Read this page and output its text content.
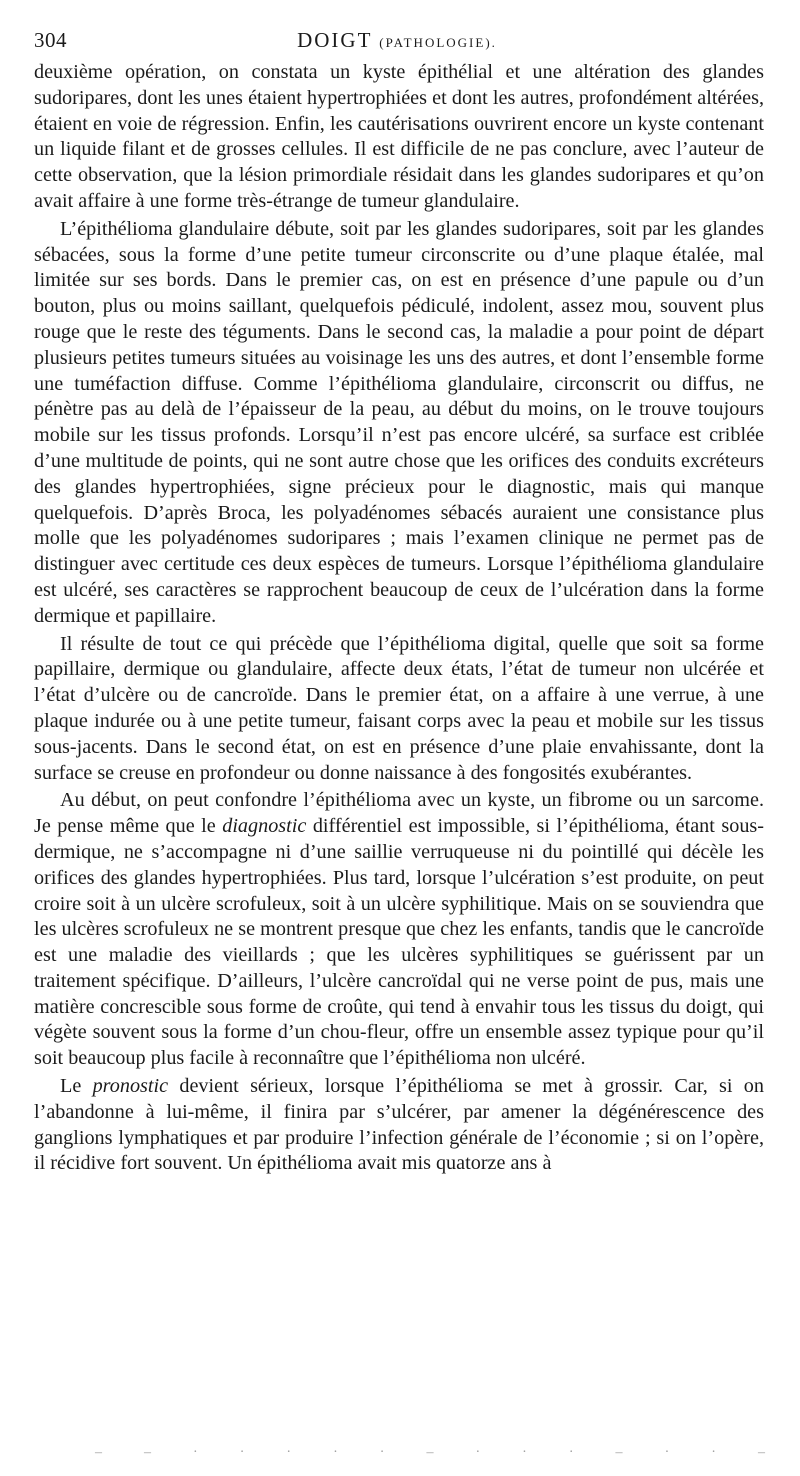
304	DOIGT (PATHOLOGIE).

deuxième opération, on constata un kyste épithélial et une altération des glandes sudoripares, dont les unes étaient hypertrophiées et dont les autres, profondément altérées, étaient en voie de régression. Enfin, les cautérisations ouvrirent encore un kyste contenant un liquide filant et de grosses cellules. Il est difficile de ne pas conclure, avec l’auteur de cette observation, que la lésion primordiale résidait dans les glandes sudoripares et qu’on avait affaire à une forme très-étrange de tumeur glandulaire.

L’épithélioma glandulaire débute, soit par les glandes sudoripares, soit par les glandes sébacées, sous la forme d’une petite tumeur circonscrite ou d’une plaque étalée, mal limitée sur ses bords. Dans le premier cas, on est en présence d’une papule ou d’un bouton, plus ou moins saillant, quelquefois pédiculé, indolent, assez mou, souvent plus rouge que le reste des téguments. Dans le second cas, la maladie a pour point de départ plusieurs petites tumeurs situées au voisinage les uns des autres, et dont l’ensemble forme une tuméfaction diffuse. Comme l’épithélioma glandulaire, circonscrit ou diffus, ne pénètre pas au delà de l’épaisseur de la peau, au début du moins, on le trouve toujours mobile sur les tissus profonds. Lorsqu’il n’est pas encore ulcéré, sa surface est criblée d’une multitude de points, qui ne sont autre chose que les orifices des conduits excréteurs des glandes hypertrophiées, signe précieux pour le diagnostic, mais qui manque quelquefois. D’après Broca, les polyadénomes sébacés auraient une consistance plus molle que les polyadénomes sudoripares ; mais l’examen clinique ne permet pas de distinguer avec certitude ces deux espèces de tumeurs. Lorsque l’épithélioma glandulaire est ulcéré, ses caractères se rapprochent beaucoup de ceux de l’ulcération dans la forme dermique et papillaire.

Il résulte de tout ce qui précède que l’épithélioma digital, quelle que soit sa forme papillaire, dermique ou glandulaire, affecte deux états, l’état de tumeur non ulcérée et l’état d’ulcère ou de cancroïde. Dans le premier état, on a affaire à une verrue, à une plaque indurée ou à une petite tumeur, faisant corps avec la peau et mobile sur les tissus sous-jacents. Dans le second état, on est en présence d’une plaie envahissante, dont la surface se creuse en profondeur ou donne naissance à des fongosités exubérantes.

Au début, on peut confondre l’épithélioma avec un kyste, un fibrome ou un sarcome. Je pense même que le diagnostic différentiel est impossible, si l’épithélioma, étant sous-dermique, ne s’accompagne ni d’une saillie verruqueuse ni du pointillé qui décèle les orifices des glandes hypertrophiées. Plus tard, lorsque l’ulcération s’est produite, on peut croire soit à un ulcère scrofuleux, soit à un ulcère syphilitique. Mais on se souviendra que les ulcères scrofuleux ne se montrent presque que chez les enfants, tandis que le cancroïde est une maladie des vieillards ; que les ulcères syphilitiques se guérissent par un traitement spécifique. D’ailleurs, l’ulcère cancroïdal qui ne verse point de pus, mais une matière concrescible sous forme de croûte, qui tend à envahir tous les tissus du doigt, qui végète souvent sous la forme d’un chou-fleur, offre un ensemble assez typique pour qu’il soit beaucoup plus facile à reconnaître que l’épithélioma non ulcéré.

Le pronostic devient sérieux, lorsque l’épithélioma se met à grossir. Car, si on l’abandonne à lui-même, il finira par s’ulcérer, par amener la dégénérescence des ganglions lymphatiques et par produire l’infection générale de l’économie ; si on l’opère, il récidive fort souvent. Un épithélioma avait mis quatorze ans à

–	–	·	·	·	·	·	–	·	·	·	–	·	·	–
